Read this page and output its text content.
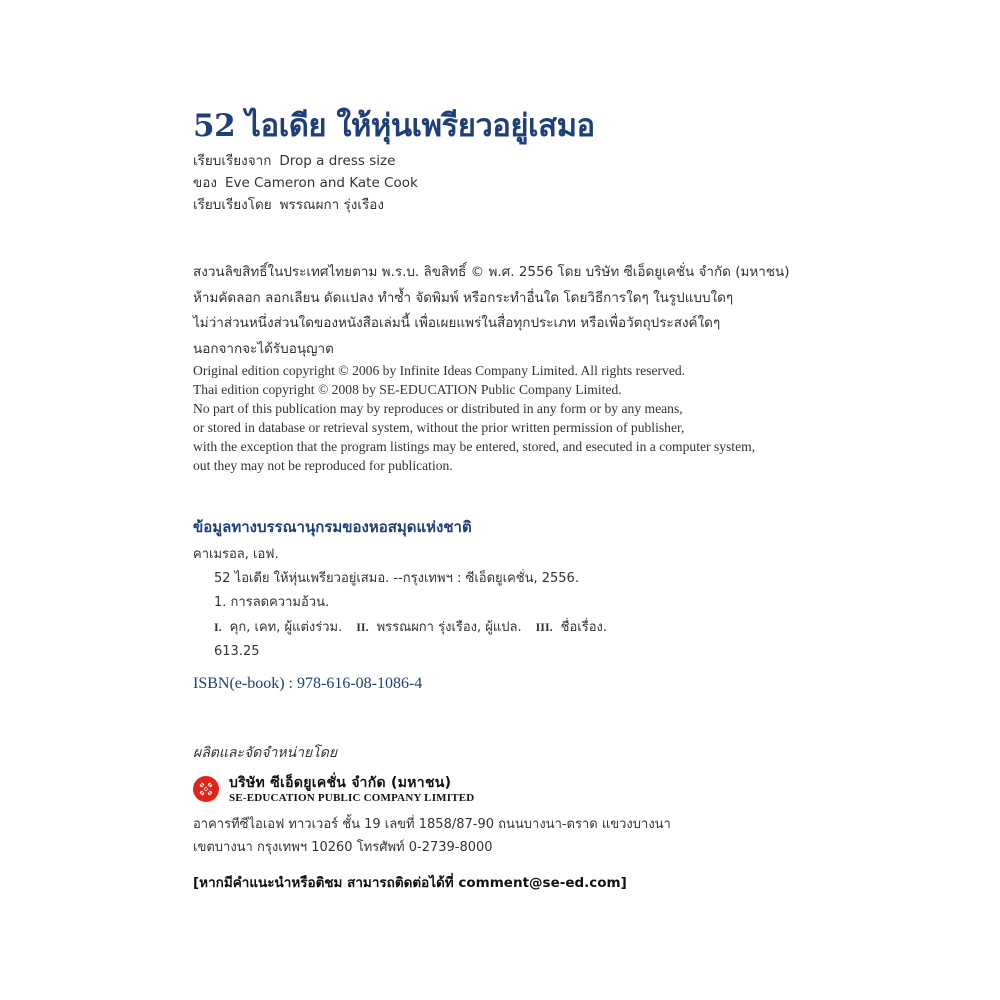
52 ไอเดีย ให้หุ่นเพรียวอยู่เสมอ
เรียบเรียงจาก Drop a dress size
ของ Eve Cameron and Kate Cook
เรียบเรียงโดย พรรณผกา รุ่งเรือง
สงวนลิขสิทธิ์ในประเทศไทยตาม พ.ร.บ. ลิขสิทธิ์ © พ.ศ. 2556 โดย บริษัท ซีเอ็ดยูเคชั่น จำกัด (มหาชน)
ห้ามคัดลอก ลอกเลียน ดัดแปลง ทำซ้ำ จัดพิมพ์ หรือกระทำอื่นใด โดยวิธีการใดๆ ในรูปแบบใดๆ
ไม่ว่าส่วนหนึ่งส่วนใดของหนังสือเล่มนี้ เพื่อเผยแพร่ในสื่อทุกประเภท หรือเพื่อวัตถุประสงค์ใดๆ
นอกจากจะได้รับอนุญาต
Original edition copyright © 2006 by Infinite Ideas Company Limited. All rights reserved.
Thai edition copyright © 2008 by SE-EDUCATION Public Company Limited.
No part of this publication may by reproduces or distributed in any form or by any means,
or stored in database or retrieval system, without the prior written permission of publisher,
with the exception that the program listings may be entered, stored, and esecuted in a computer system,
out they may not be reproduced for publication.
ข้อมูลทางบรรณานุกรมของหอสมุดแห่งชาติ
คาเมรอล, เอฟ.
52 ไอเดีย ให้หุ่นเพรียวอยู่เสมอ. --กรุงเทพฯ : ซีเอ็ดยูเคชั่น, 2556.
1. การลดความอ้วน.
I. คุก, เคท, ผู้แต่งร่วม. II. พรรณผกา รุ่งเรือง, ผู้แปล. III. ชื่อเรื่อง.
613.25
ISBN(e-book) : 978-616-08-1086-4
ผลิตและจัดจำหน่ายโดย
บริษัท ซีเอ็ดยูเคชั่น จำกัด (มหาชน)
SE-EDUCATION PUBLIC COMPANY LIMITED
อาคารทีซีไอเอฟ ทาวเวอร์ ชั้น 19 เลขที่ 1858/87-90 ถนนบางนา-ตราด แขวงบางนา
เขตบางนา กรุงเทพฯ 10260 โทรศัพท์ 0-2739-8000
[หากมีคำแนะนำหรือติชม สามารถติดต่อได้ที่ comment@se-ed.com]
